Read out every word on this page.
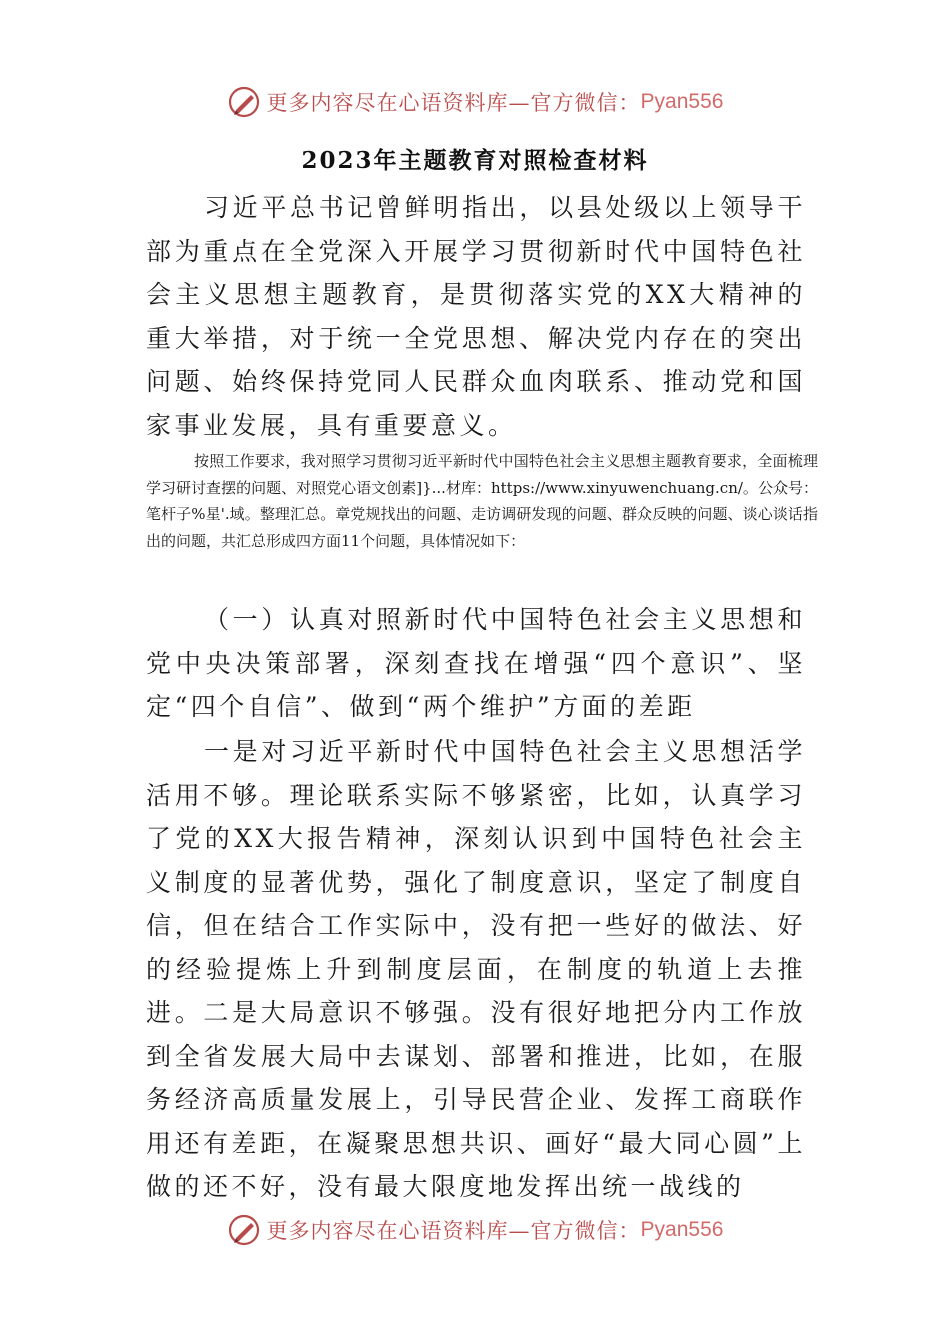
更多内容尽在心语资料库—官方微信： Pyan556
2023年主题教育对照检查材料

习近平总书记曾鲜明指出，以县处级以上领导干部为重点在全党深入开展学习贯彻新时代中国特色社会主义思想主题教育，是贯彻落实党的XX大精神的重大举措，对于统一全党思想、解决党内存在的突出问题、始终保持党同人民群众血肉联系、推动党和国家事业发展，具有重要意义。

按照工作要求，我对照学习贯彻习近平新时代中国特色社会主义思想主题教育要求，全面梳理学习研讨查摆的问题、对照党心语文创素]}...材库：https://www.xinyuwenchuang.cn/。公众号：笔杆子%星'.域。整理汇总。章党规找出的问题、走访调研发现的问题、群众反映的问题、谈心谈话指出的问题，共汇总形成四方面11个问题，具体情况如下：

（一）认真对照新时代中国特色社会主义思想和党中央决策部署，深刻查找在增强“四个意识”、坚定“四个自信”、做到“两个维护”方面的差距

一是对习近平新时代中国特色社会主义思想活学活用不够。理论联系实际不够紧密，比如，认真学习了党的XX大报告精神，深刻认识到中国特色社会主义制度的显著优势，强化了制度意识，坚定了制度自信，但在结合工作实际中，没有把一些好的做法、好的经验提炼上升到制度层面，在制度的轨道上去推进。二是大局意识不够强。没有很好地把分内工作放到全省发展大局中去谋划、部署和推进，比如，在服务经济高质量发展上，引导民营企业、发挥工商联作用还有差距，在凝聚思想共识、画好“最大同心圆”上做的还不好，没有最大限度地发挥出统一战线的

更多内容尽在心语资料库—官方微信： Pyan556
